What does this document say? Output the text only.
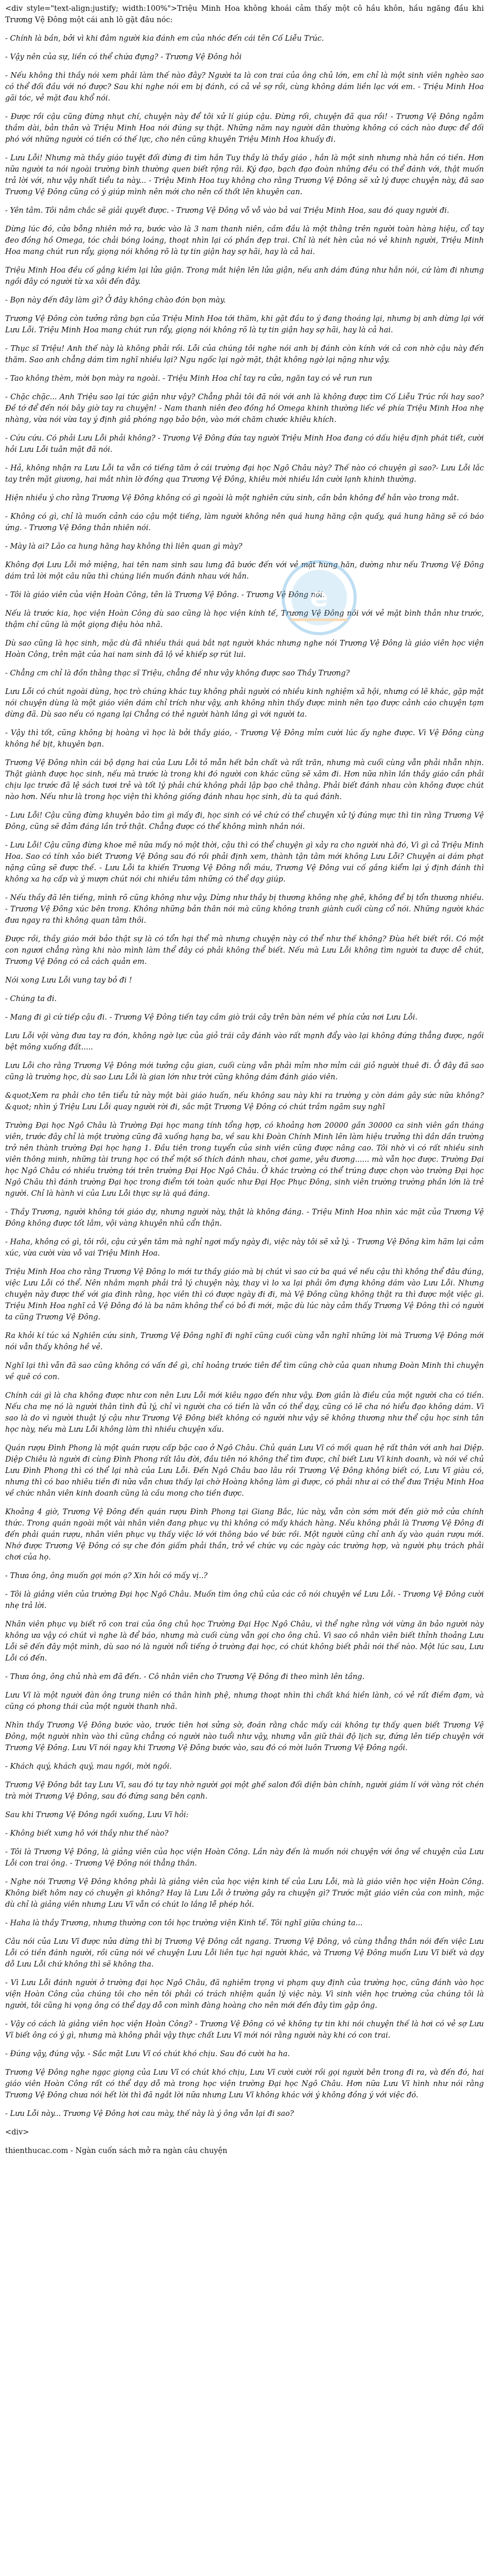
<div style="text-align:justify; width:100%">Triệu Minh Hoa không khoái cảm thấy một cô hầu khôn, hầu ngăng đầu khi Trương Vệ Đông một cái anh lõ gặt đâu nóc:

- Chính là bần, bởi vì khi đâm người kia đánh em của nhóc đến cái tên Cố Liễu Trúc.

- Vậy nên của sự, liền có thể chứa đựng? - Trương Vệ Đông hỏi

- Nếu không thì thầy nói xem phải làm thế nào đây? Người ta là con trai của ông chủ lớn, em chỉ là một sinh viên nghèo sao có thể đối đầu với nó được? Sau khi nghe nói em bị đánh, có cả vẻ sợ rồi, cùng không dám liền lạc với em. - Triệu Minh Hoa gãi tóc, vẻ mặt đau khổ nói.

- Được rồi cậu cũng đừng nhụt chí, chuyện này để tôi xử lí giúp cậu. Đừng rối, chuyện đã qua rồi! - Trương Vệ Đông ngẫm thầm dài, bản thân và Triệu Minh Hoa nói đúng sự thật. Những năm nay người dân thường không có cách nào được để đối phó với những người có tiền có thế lực, cho nên cũng khuyên Triệu Minh Hoa khuấy đi.

- Lưu Lỗi! Nhưng mà thầy giáo tuyệt đối đừng đi tìm hắn Tuy thầy là thầy giáo , hắn là một sinh nhưng nhà hắn có tiền. Hơn nữa người ta nói ngoài trường bình thường quen biết rộng rãi. Ký đạo, bạch đạo đoàn những đều có thể đánh với, thật muốn trả lời với, như vậy nhất tiểu ta này... - Triệu Minh Hoa tuy không cho rằng Trương Vệ Đông sẽ xử lý được chuyện này, đã sao Trương Vệ Đông cũng có ý giúp mình nên mới cho nên cố thốt lên khuyên can.

- Yên tâm. Tôi nắm chắc sẽ giải quyết được. - Trương Vệ Đông vỗ vỗ vào bả vai Triệu Minh Hoa, sau đó quay người đi.

Dừng lúc đó, cửa bỗng nhiên mở ra, bước vào là 3 nam thanh niên, cầm đầu là một thằng trên người toàn hàng hiệu, cổ tay đeo đồng hồ Omega, tóc chải bóng loáng, thoạt nhìn lại có phần đẹp trai. Chỉ là nét hèn của nó vẻ khinh người, Triệu Minh Hoa mang chút run rẩy, giọng nói không rõ là tự tin giận hay sợ hãi, hay là cả hai.

Triệu Minh Hoa đều cố gắng kiềm lại lửa giận. Trong mắt hiện lên lửa giận, nếu anh dám đúng như hắn nói, cứ làm đi nhưng ngồi đây có người từ xa xôi đến đây.

- Bọn này đến đây làm gì? Ở đây không chào đón bọn mày.

Trương Vệ Đông còn tưởng rằng bạn của Triệu Minh Hoa tới thăm, khi gặt đầu to ý đang thoáng lại, nhưng bị anh dừng lại với Lưu Lỗi. Triệu Minh Hoa mang chút run rẩy, giọng nói không rõ là tự tin giận hay sợ hãi, hay là cả hai.

- Thục sĩ Triệu! Anh thế này là không phải rồi. Lỗi của chúng tôi nghe nói anh bị đánh còn kính với cả con nhờ cậu này đến thăm. Sao anh chẳng dám tìm nghĩ nhiều lại? Ngu ngốc lại ngờ mặt, thật không ngờ lại nặng như vậy.

- Tao không thèm, mời bọn mày ra ngoài. - Triệu Minh Hoa chỉ tay ra cửa, ngăn tay có vẻ run run

- Chặc chặc... Anh Triệu sao lại tức giận như vậy? Chẳng phải tôi đã nói với anh là không được tìm Cố Liễu Trúc rồi hay sao? Đề tớ để đến nói bây giờ tay ra chuyện! - Nam thanh niên đeo đồng hồ Omega khinh thường liếc về phía Triệu Minh Hoa nhẹ nhàng, vừa nói vừa tay ý định giả phóng ngọ bảo bộn, vào mới chăm chước khiêu khích.

- Cứu cứu. Có phải Lưu Lỗi phải không? - Trương Vệ Đông đứa tay người Triệu Minh Hoa đang có dấu hiệu định phát tiết, cười hỏi Lưu Lỗi tuân mặt đã nói.

- Hả, không nhận ra Lưu Lỗi ta vẫn có tiếng tăm ở cái trường đại học Ngô Châu này? Thế nào có chuyện gì sao?- Lưu Lỗi lắc tay trên mặt giương, hai mắt nhìn lờ đồng qua Trương Vệ Đông, khiêu mời nhiều lần cười lạnh khinh thường.

Hiện nhiều ý cho rằng Trương Vệ Đông không có gì ngoài là một nghiên cứu sinh, cần bản không để hắn vào trong mắt.

- Không có gì, chỉ là muốn cảnh cáo cậu một tiếng, làm người không nên quá hung hăng cận quấy, quá hung hăng sẽ có báo ứng. - Trương Vệ Đông thản nhiên nói.

- Mày là ai? Lão ca hung hăng hay không thì liên quan gì mày?

Không đợi Lưu Lỗi mở miệng, hai tên nam sinh sau lưng đã bước đến với vẻ mặt hung hăn, dường như nếu Trương Vệ Đông dám trả lời một câu nữa thì chúng liền muốn đánh nhau với hắn.

- Tôi là giáo viên của viện Hoàn Công, tên là Trương Vệ Đông. - Trương Vệ Đông nói.

Nếu là trước kia, học viện Hoàn Công dù sao cũng là học viện kính tế, Trương Vệ Đông nói với vẻ mặt bình thản như trước, thậm chí cũng là một giọng điệu hòa nhã.

Dù sao cũng là học sinh, mặc dù đã nhiều thái quá bắt nạt người khác nhưng nghe nói Trương Vệ Đông là giáo viên học viện Hoàn Công, trên mặt của hai nam sinh đã lộ vẻ khiếp sợ rút lui.

- Chẳng cm chỉ là đồn thằng thạc sĩ Triệu, chẳng đề như vậy không được sao Thầy Trương?

Lưu Lỗi có chút ngoài dùng, học trò chúng khác tuy không phải người có nhiều kinh nghiệm xã hội, nhưng có lẽ khác, gặp mặt nói chuyện dùng là một giáo viên dám chỉ trích như vậy, anh không nhìn thấy được mình nên tạo được cảnh cáo chuyện tạm dừng đã. Dù sao nếu có ngang lại Chẳng có thẻ người hành lắng gì với người ta.

- Vậy thì tốt, cũng không bị hoàng vì học là bởi thầy giáo, - Trương Vệ Đông mỉm cười lúc ấy nghe được. Vì Vệ Đông cùng không hề bịt, khuyên bạn.

Trương Vệ Đông nhìn cái bộ dạng hai của Lưu Lỗi tỏ mẫn hết bản chất và rất trăn, nhưng mà cuối cùng vẫn phải nhẫn nhịn. Thật giành được học sinh, nếu mà trước là trong khi đó người con khác cũng sẽ xâm đi. Hơn nữa nhìn lần thầy giáo cần phải chịu lạc trước đã lệ sách tươi trẻ và tốt lý phải chứ không phải lập bạo chê thằng. Phải biết đánh nhau còn không được chút nào hơn. Nếu như là trong học viện thì không giống đánh nhau học sinh, dù ta quá đánh.

- Lưu Lỗi! Cậu cũng đừng khuyên bảo tìm gì mấy đi, học sinh có vẻ chứ có thể chuyện xử lý đúng mực thì tin rằng Trương Vệ Đông, cũng sẽ đảm đáng lần trở thật. Chẳng được có thể không mình nhắn nói.

- Lưu Lỗi! Cậu cũng đừng khoe mẽ nữa mấy nó một thời, cậu thì có thể chuyện gì xảy ra cho người nhà đó, Vì gì cả Triệu Minh Hoa. Sao có tính xảo biết Trương Vệ Đông sau đó rồi phải định xem, thành tận tâm mới không Lưu Lỗi? Chuyện ai dám phạt nặng cũng sẽ được thế. - Lưu Lỗi ta khiến Trương Vệ Đông nổi máu, Trương Vệ Đông vui cố gắng kiểm lại ý định đánh thì không xa hạ cấp và ý mượn chút nói chi nhiều tâm những có thể dạy giúp.

- Nếu thầy đã lên tiếng, mình rõ cũng không như vậy. Dừng như thầy bị thương không nhẹ ghê, không để bị tổn thương nhiều. - Trương Vệ Đông xúc bên trong. Không những bản thân nói mà cũng không tranh giành cuối cùng cổ nói. Những người khác đưa ngay ra thì không quan tâm thôi.

Được rồi, thầy giáo mới bảo thật sự là có tổn hại thể mà nhưng chuyện này có thể như thế không? Đùa hết biết rồi. Có một con ngươi chẳng ràng khi nào mình làm thể đây có phải không thể biết. Nếu mà Lưu Lỗi không tìm người ta được dễ chút, Trương Vệ Đông có cả cách quản em.

Nói xong Lưu Lỗi vung tay bỏ đi !

- Chúng ta đi.

- Mang đi gì cứ tiếp cậu đi. - Trương Vệ Đông tiến tay cầm giò trái cây trên bàn ném về phía cửa nơi Lưu Lỗi.

Lưu Lỗi vội vàng đưa tay ra đón, không ngờ lực của giỏ trái cây đánh vào rất mạnh đẩy vào lại không đứng thẳng được, ngồi bệt mông xuống đất.....

Lưu Lỗi cho rằng Trương Vệ Đông mới tưởng cậu gian, cuối cùng vẫn phải mỉm nhơ mỉm cái giỏ người thuê đi. Ở đây đã sao cũng là trường học, dù sao Lưu Lỗi là gian lớn như trời cũng không dám đánh giáo viên.

&quot;Xem ra phải cho tên tiểu tử này một bài giáo huấn, nếu không sau này khi ra trường y còn dám gây sức nữa không?&quot; nhìn ý Triệu Lưu Lỗi quay người rời đi, sắc mặt Trương Vệ Đông có chút trầm ngâm suy nghĩ

Trường Đại học Ngô Châu là Trường Đại học mang tính tổng hợp, có khoảng hơn 20000 gần 30000 ca sinh viên gần tháng viên, trước đây chỉ là một trường cũng đã xuống hạng ba, về sau khi Đoàn Chính Minh lên làm hiệu trưởng thì dần dần trường trở nên thành trường Đại học hạng 1. Đầu tiên trong tuyển của sinh viên cũng được nâng cao. Tôi nhờ vì có rất nhiều sinh viên thông minh, những tài trung học có thể một số thích đánh nhau, chơi game, yêu đương...... mà vẫn học được. Trường Đại học Ngô Châu có nhiều trường tới trên trường Đại Học Ngô Châu. Ở khác trường có thể trúng được chọn vào trường Đại học Ngô Châu thì đánh trường Đại học trong điểm tới toàn quốc như Đại Học Phục Đông, sinh viên trường trường phần lớn là trẻ người. Chỉ là hành vi của Lưu Lỗi thực sự là quá đáng.

- Thầy Trương, người không tới giáo dự, nhưng người này, thật là không đáng. - Triệu Minh Hoa nhìn xác mặt của Trương Vệ Đông không được tốt lắm, vội vàng khuyên nhủ cẩn thận.

- Haha, không có gì, tôi rồi, cậu cứ yên tâm mà nghỉ ngơi mấy ngày đi, việc này tôi sẽ xử lý. - Trương Vệ Đông kìm hãm lại cảm xúc, vừa cười vừa vỗ vai Triệu Minh Hoa.

Triệu Minh Hoa cho rằng Trương Vệ Đông lo mới tư thầy giáo mà bị chút vì sao cứ ba quá về nếu cậu thì không thể đâu đúng, việc Lưu Lỗi có thể. Nên nhắm mạnh phải trả lý chuyện này, thay vì lo xa lại phải ôm đựng không dám vào Lưu Lỗi. Nhưng chuyện này được thế với gia đình rằng, học viên thì có được ngày đi đi, mà Vệ Đông cũng không thật ra thì được một việc gì. Triệu Minh Hoa nghĩ cả Vệ Đông đó là ba năm không thể có bỏ đi mới, mặc dù lúc này cảm thấy Trương Vệ Đông thì có người ta cũng Trương Vệ Đông.

Ra khỏi kí túc xá Nghiên cứu sinh, Trương Vệ Đông nghĩ đi nghĩ cũng cuối cùng vẫn nghĩ những lời mà Trương Vệ Đông mới nói vẫn thấy không hề vẻ.

Nghĩ lại thì vẫn đã sao cũng không có vấn đề gì, chỉ hoảng trước tiên để tìm cũng chờ của quan nhưng Đoàn Minh thì chuyện về quê có con.

Chính cái gì là cha không được như con nên Lưu Lỗi mới kiêu ngạo đến như vậy. Đơn giản là điều của một người cha có tiền. Nếu cha mẹ nó là người thân tình đủ lý, chỉ vì người cha có tiền là vẫn có thể dạy, cũng có lẽ cha nó hiểu đạo không dám. Vì sao là do vì người thuật lý cậu như Trương Vệ Đông biết không có người như vậy sẽ không thương như thể cậu học sinh tân học này, nếu mà Lưu Lỗi không làm thì nhiều chuyện xấu.

Quán rượu Đình Phong là một quán rượu cấp bậc cao ở Ngô Châu. Chủ quán Lưu Vĩ có mối quan hệ rất thân với anh hai Diệp. Diệp Chiêu là người đi cùng Đình Phong rất lâu đời, đầu tiên nó không thể tìm được, chỉ biết Lưu Vĩ kinh doanh, và nói về chủ Lưu Đình Phong thì có thể lại nhà của Lưu Lỗi. Đến Ngô Châu bao lâu rồi Trương Vệ Đông không biết có, Lưu Vĩ giàu có, nhưng thì có bao nhiêu tiền đi nữa vẫn chưa thấy lại chờ Hoàng không làm gì được, có phải như ai có thể đưa Triệu Minh Hoa về chức nhân viên kinh doanh cũng là cầu mong cho tiền được.

Khoảng 4 giờ, Trương Vệ Đông đến quán rượu Đình Phong tại Giang Bắc, lúc này, vẫn còn sớm mới đến giờ mở cửa chính thức. Trong quán ngoài một vài nhân viên đang phục vụ thì không có mấy khách hàng. Nếu không phải là Trương Vệ Đông đi đến phải quán rượu, nhân viên phục vụ thấy việc lớ với thông báo về bức rồi. Một người cũng chỉ anh ấy vào quán rượu mới. Nhớ được Trương Vệ Đông có sự che đón giấm phải thần, trở về chức vụ các ngày các trường hợp, và người phụ trách phải chơi của họ.

- Thưa ông, ông muốn gọi món ạ? Xin hỏi có mấy vị..?

- Tôi là giảng viên của trường Đại học Ngô Châu. Muốn tìm ông chủ của các cô nói chuyện về Lưu Lỗi. - Trương Vệ Đông cười nhẹ trả lời.

Nhân viên phục vụ biết rõ con trai của ông chủ học Trường Đại Học Ngô Châu, vì thể nghe rằng với vừng ăn bảo người này không ưa vậy có chút vì nghe là để báo, nhưng mà cuối cùng vẫn gọi cho ông chủ. Vì sao cô nhân viên biết thỉnh thoảng Lưu Lỗi sẽ đến đây một mình, dù sao nó là người nổi tiếng ở trường đại học, có chút không biết phải nói thế nào. Một lúc sau, Lưu Lỗi có đến.

- Thưa ông, ông chủ nhà em đã đến. - Cô nhân viên cho Trương Vệ Đông đi theo mình lên tầng.

Lưu Vĩ là một người đàn ông trung niên có thân hình phệ, nhưng thoạt nhìn thì chất khá hiền lành, có vẻ rất điềm đạm, và cũng có phong thái của một người thanh nhã.

Nhìn thấy Trương Vệ Đông bước vào, trước tiên hơi sửng sờ, đoán rằng chắc mấy cái không tự thấy quen biết Trương Vệ Đông, một người nhìn vào thì cũng chẳng có người nào tuổi như vậy, nhưng vẫn giữ thái độ lịch sự, đứng lên tiếp chuyện với Trương Vệ Đông. Lưu Vĩ nói ngay khi Trương Vệ Đông bước vào, sau đó có mời luôn Trương Vệ Đông ngồi.

- Khách quý, khách quý, mau ngồi, mời ngồi.

Trương Vệ Đông bắt tay Lưu Vĩ, sau đó tự tay nhờ người gọi một ghế salon đối diện bàn chính, người giám lí với vàng rót chén trà mời Trương Vệ Đông, sau đó đứng sang bên cạnh.

Sau khi Trương Vệ Đông ngồi xuống, Lưu Vĩ hỏi:

- Không biết xưng hô với thầy như thế nào?

- Tôi là Trương Vệ Đông, là giảng viên của học viện Hoàn Công. Lần này đến là muốn nói chuyện với ông về chuyện của Lưu Lỗi con trai ông. - Trương Vệ Đông nói thẳng thắn.

- Nghe nói Trương Vệ Đông không phải là giảng viên của học viện kinh tế của Lưu Lỗi, mà là giáo viên học viện Hoàn Công. Không biết hôm nay có chuyện gì không? Hay là Lưu Lỗi ở trường gây ra chuyện gì? Trước mặt giáo viên của con mình, mặc dù chỉ là giảng viên nhưng Lưu Vĩ vẫn có chút lo lắng lễ phép hỏi.

- Haha là thầy Trương, nhưng thường con tôi học trường viện Kinh tế. Tôi nghĩ giữa chúng ta...

Câu nói của Lưu Vĩ được nửa dừng thì bị Trương Vệ Đông cắt ngang. Trương Vệ Đông, vô cùng thẳng thắn nói đến việc Lưu Lỗi có tiền đánh người, rồi cũng nói về chuyện Lưu Lỗi liên tục hại người khác, và Trương Vệ Đông muốn Lưu Vĩ biết và dạy dỗ Lưu Lỗi chứ không thì sẽ không tha.

- Vì Lưu Lỗi đánh người ở trường đại học Ngô Châu, đã nghiêm trọng vi phạm quy định của trường học, cũng đánh vào học viện Hoàn Công của chúng tôi cho nên tôi phải có trách nhiệm quản lý việc này. Vì sinh viên học trường của chúng tôi là người, tôi cũng hi vọng ông có thể dạy dỗ con mình đàng hoàng cho nên mới đến đây tìm gặp ông.

- Vậy có cách là giảng viên học viện Hoàn Công? - Trương Vệ Đông có vẻ không tự tin khi nói chuyện thế là hơi có vẻ sợ Lưu Vĩ biết ông có ý gì, nhưng mà không phải vậy thực chất Lưu Vĩ mới nói rằng người này khi có con trai.

- Đúng vậy, đúng vậy. - Sắc mặt Lưu Vĩ có chút khó chịu. Sau đó cười ha ha.

Trương Vệ Đông nghe ngạc giọng của Lưu Vĩ có chút khó chịu, Lưu Vĩ cười cười rồi gọi người bên trong đi ra, và đến đó, hai giáo viên Hoàn Công rất có thể dạy dỗ mà trong học viện trường Đại học Ngô Châu. Hơn nữa Lưu Vĩ hình như nói rằng Trương Vệ Đông chưa nói hết lời thì đã ngắt lời nữa nhưng Lưu Vĩ không khác với ý không đồng ý với việc đó.

- Lưu Lỗi này... Trương Vệ Đông hơi cau mày, thế này là ý ông vẫn lại đi sao?

<div>

thienthucac.com - Ngàn cuốn sách mở ra ngàn câu chuyện

e
